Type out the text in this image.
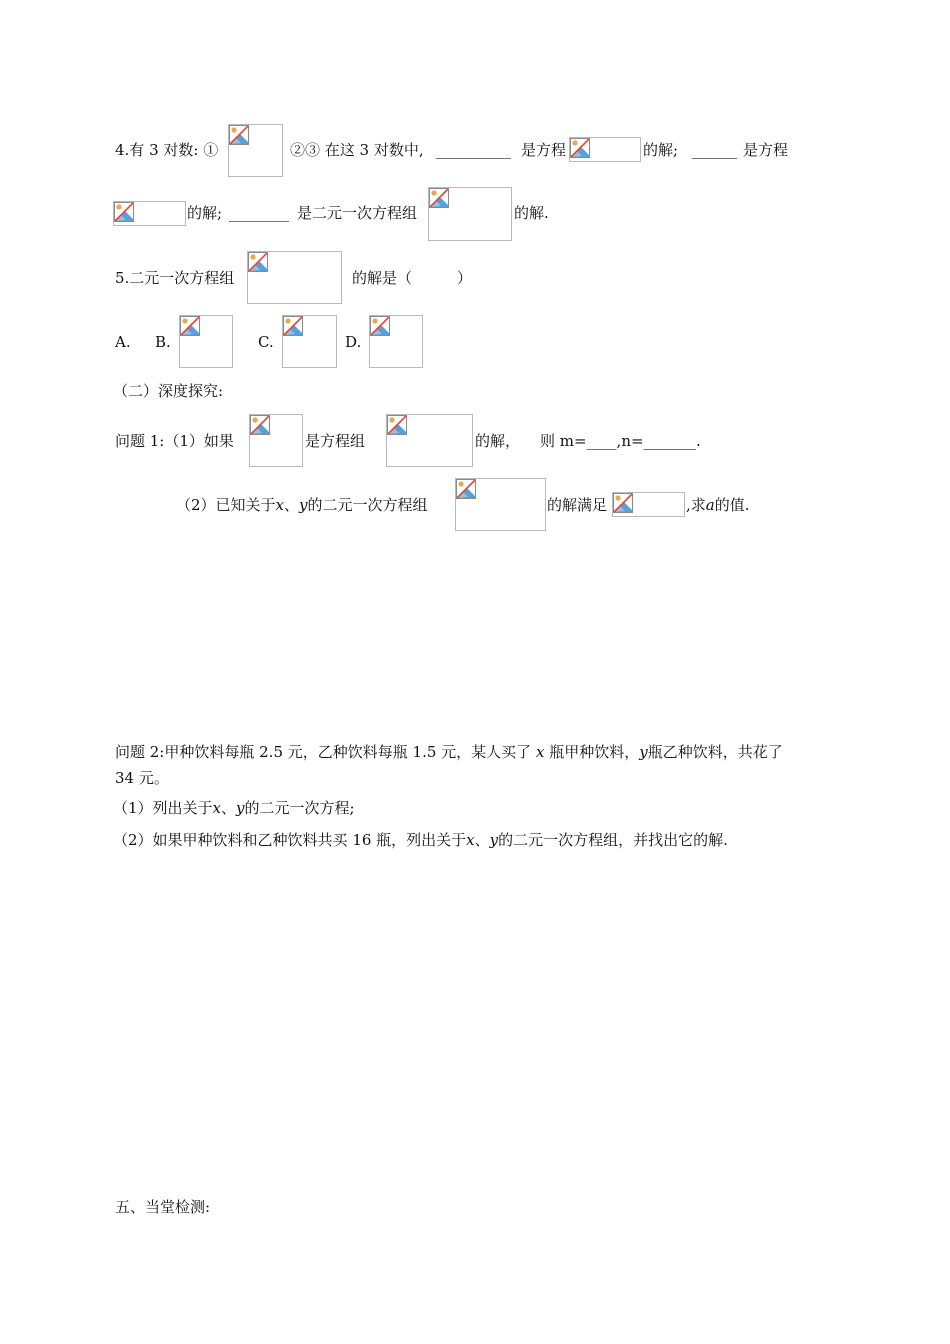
4.有 3 对数: ①	②③ 在这 3 对数中, __________ 是方程	的解; ______ 是方程
的解; ________ 是二元一次方程组	的解.
5.二元一次方程组	的解是（　　　）
A. B.	C.	D.
（二）深度探究:
问题 1:（1）如果	是方程组	的解， 则 m=____,n=_______.
（2）已知关于x、y的二元一次方程组	的解满足	,求a的值.
问题 2:甲种饮料每瓶 2.5 元，乙种饮料每瓶 1.5 元，某人买了 x 瓶甲种饮料，y瓶乙种饮料，共花了
34 元。
（1）列出关于x、y的二元一次方程;
（2）如果甲种饮料和乙种饮料共买 16 瓶，列出关于x、y的二元一次方程组，并找出它的解.
五、当堂检测:
